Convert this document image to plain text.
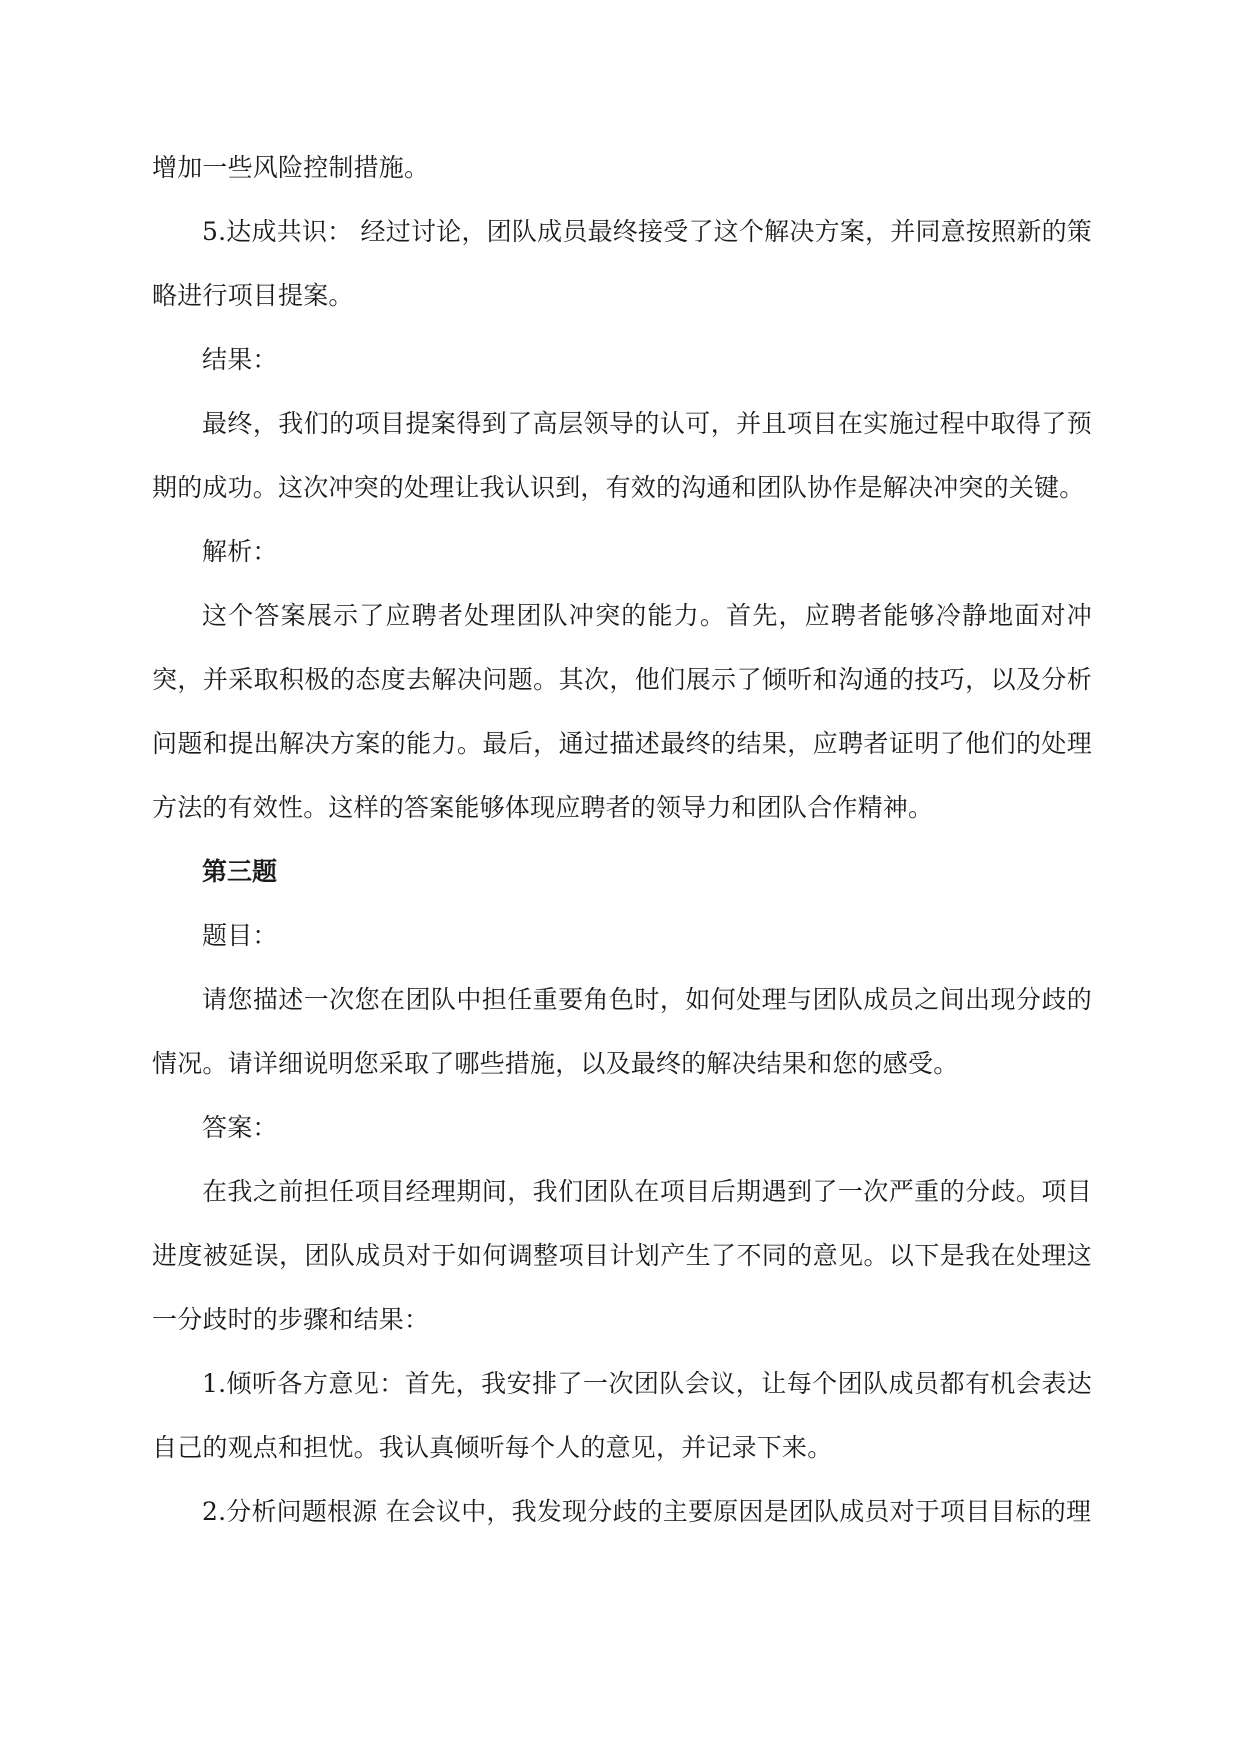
增加一些风险控制措施。

5.达成共识： 经过讨论，团队成员最终接受了这个解决方案，并同意按照新的策略进行项目提案。

结果：

最终，我们的项目提案得到了高层领导的认可，并且项目在实施过程中取得了预期的成功。这次冲突的处理让我认识到，有效的沟通和团队协作是解决冲突的关键。

解析：

这个答案展示了应聘者处理团队冲突的能力。首先，应聘者能够冷静地面对冲突，并采取积极的态度去解决问题。其次，他们展示了倾听和沟通的技巧，以及分析问题和提出解决方案的能力。最后，通过描述最终的结果，应聘者证明了他们的处理方法的有效性。这样的答案能够体现应聘者的领导力和团队合作精神。

第三题

题目：

请您描述一次您在团队中担任重要角色时，如何处理与团队成员之间出现分歧的情况。请详细说明您采取了哪些措施，以及最终的解决结果和您的感受。

答案：

在我之前担任项目经理期间，我们团队在项目后期遇到了一次严重的分歧。项目进度被延误，团队成员对于如何调整项目计划产生了不同的意见。以下是我在处理这一分歧时的步骤和结果：

1.倾听各方意见：首先，我安排了一次团队会议，让每个团队成员都有机会表达自己的观点和担忧。我认真倾听每个人的意见，并记录下来。

2.分析问题根源 在会议中，我发现分歧的主要原因是团队成员对于项目目标的理
